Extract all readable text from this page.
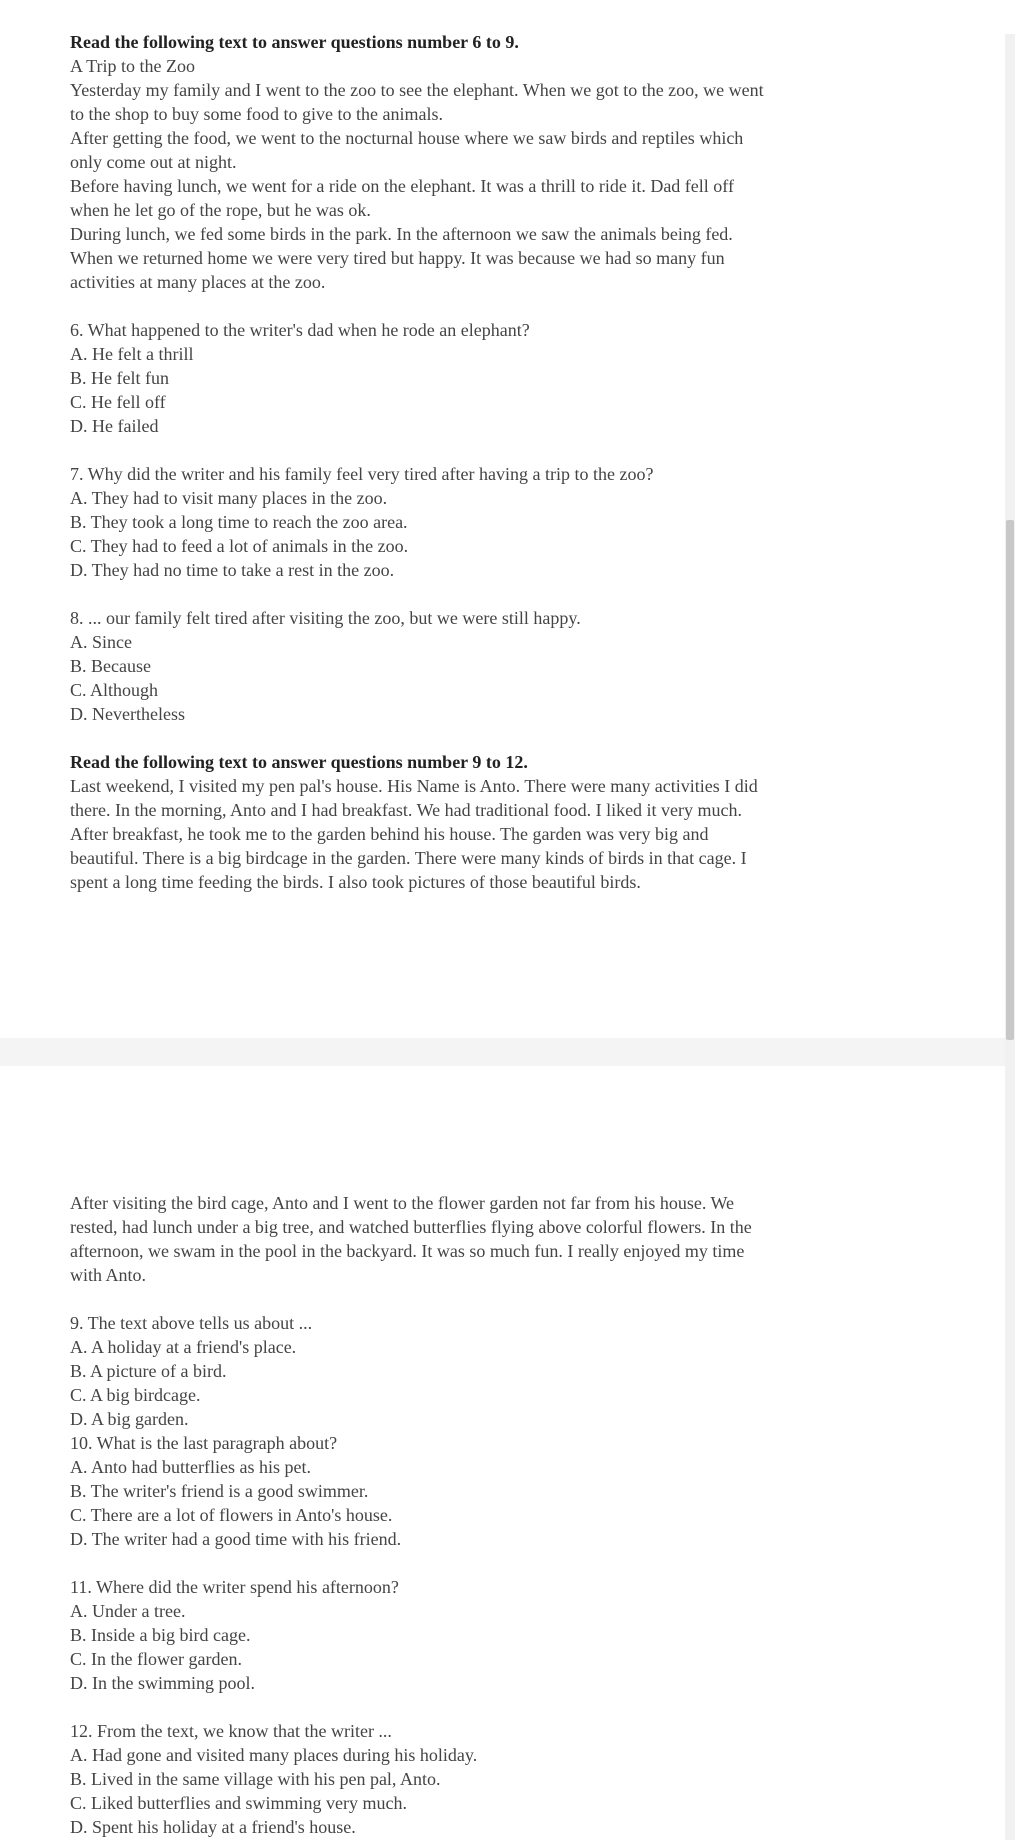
Read the following text to answer questions number 6 to 9.
A Trip to the Zoo
Yesterday my family and I went to the zoo to see the elephant. When we got to the zoo, we went
to the shop to buy some food to give to the animals.
After getting the food, we went to the nocturnal house where we saw birds and reptiles which
only come out at night.
Before having lunch, we went for a ride on the elephant. It was a thrill to ride it. Dad fell off
when he let go of the rope, but he was ok.
During lunch, we fed some birds in the park. In the afternoon we saw the animals being fed.
When we returned home we were very tired but happy. It was because we had so many fun
activities at many places at the zoo.
6. What happened to the writer's dad when he rode an elephant?
A. He felt a thrill
B. He felt fun
C. He fell off
D. He failed
7. Why did the writer and his family feel very tired after having a trip to the zoo?
A. They had to visit many places in the zoo.
B. They took a long time to reach the zoo area.
C. They had to feed a lot of animals in the zoo.
D. They had no time to take a rest in the zoo.
8. ... our family felt tired after visiting the zoo, but we were still happy.
A. Since
B. Because
C. Although
D. Nevertheless
Read the following text to answer questions number 9 to 12.
Last weekend, I visited my pen pal's house. His Name is Anto. There were many activities I did
there. In the morning, Anto and I had breakfast. We had traditional food. I liked it very much.
After breakfast, he took me to the garden behind his house. The garden was very big and
beautiful. There is a big birdcage in the garden. There were many kinds of birds in that cage. I
spent a long time feeding the birds. I also took pictures of those beautiful birds.
After visiting the bird cage, Anto and I went to the flower garden not far from his house. We
rested, had lunch under a big tree, and watched butterflies flying above colorful flowers. In the
afternoon, we swam in the pool in the backyard. It was so much fun. I really enjoyed my time
with Anto.
9. The text above tells us about ...
A. A holiday at a friend's place.
B. A picture of a bird.
C. A big birdcage.
D. A big garden.
10. What is the last paragraph about?
A. Anto had butterflies as his pet.
B. The writer's friend is a good swimmer.
C. There are a lot of flowers in Anto's house.
D. The writer had a good time with his friend.
11. Where did the writer spend his afternoon?
A. Under a tree.
B. Inside a big bird cage.
C. In the flower garden.
D. In the swimming pool.
12. From the text, we know that the writer ...
A. Had gone and visited many places during his holiday.
B. Lived in the same village with his pen pal, Anto.
C. Liked butterflies and swimming very much.
D. Spent his holiday at a friend's house.
